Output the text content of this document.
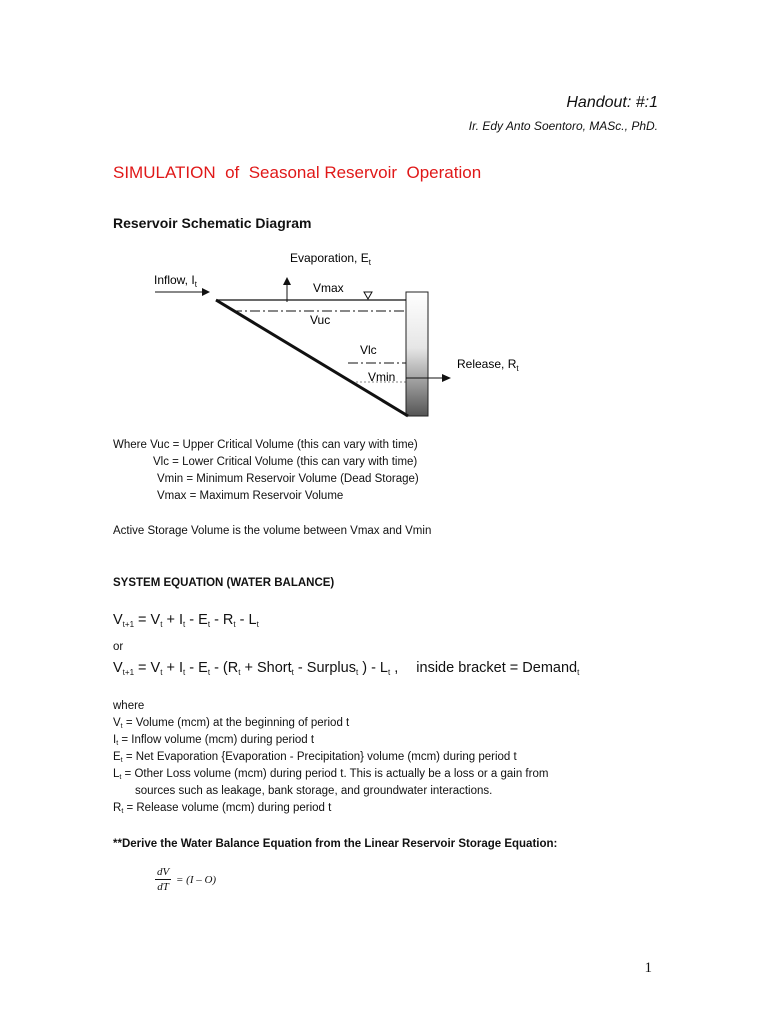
Handout: #:1
Ir. Edy Anto Soentoro, MASc., PhD.
SIMULATION  of  Seasonal Reservoir  Operation
Reservoir Schematic Diagram
Inflow, $I_t$
Evaporation, $E_t$
Vmax
Vuc
Vlc
Vmin
Release, $R_t$
Where Vuc = Upper Critical Volume (this can vary with time)
Vlc = Lower Critical Volume (this can vary with time)
Vmin = Minimum Reservoir Volume (Dead Storage)
Vmax = Maximum Reservoir Volume
Active Storage Volume is the volume between Vmax and Vmin
SYSTEM EQUATION (WATER BALANCE)
$V_{t+1} = V_t + I_t - E_t - R_t - L_t$
or
$V_{t+1} = V_t + I_t - E_t - (R_t$ + Short$_t$ - Surplus$_t$ ) - $L_t$ , inside bracket = Demand$_t$
where
$V_t$ = Volume (mcm) at the beginning of period t
$I_t$ = Inflow volume (mcm) during period t
$E_t$ = Net Evaporation {Evaporation - Precipitation} volume (mcm) during period t
$L_t$ = Other Loss volume (mcm) during period t. This is actually be a loss or a gain from
sources such as leakage, bank storage, and groundwater interactions.
$R_t$ = Release volume (mcm) during period t
**Derive the Water Balance Equation from the Linear Reservoir Storage Equation:
$\frac{dV}{dT} = (I - O)$
1
